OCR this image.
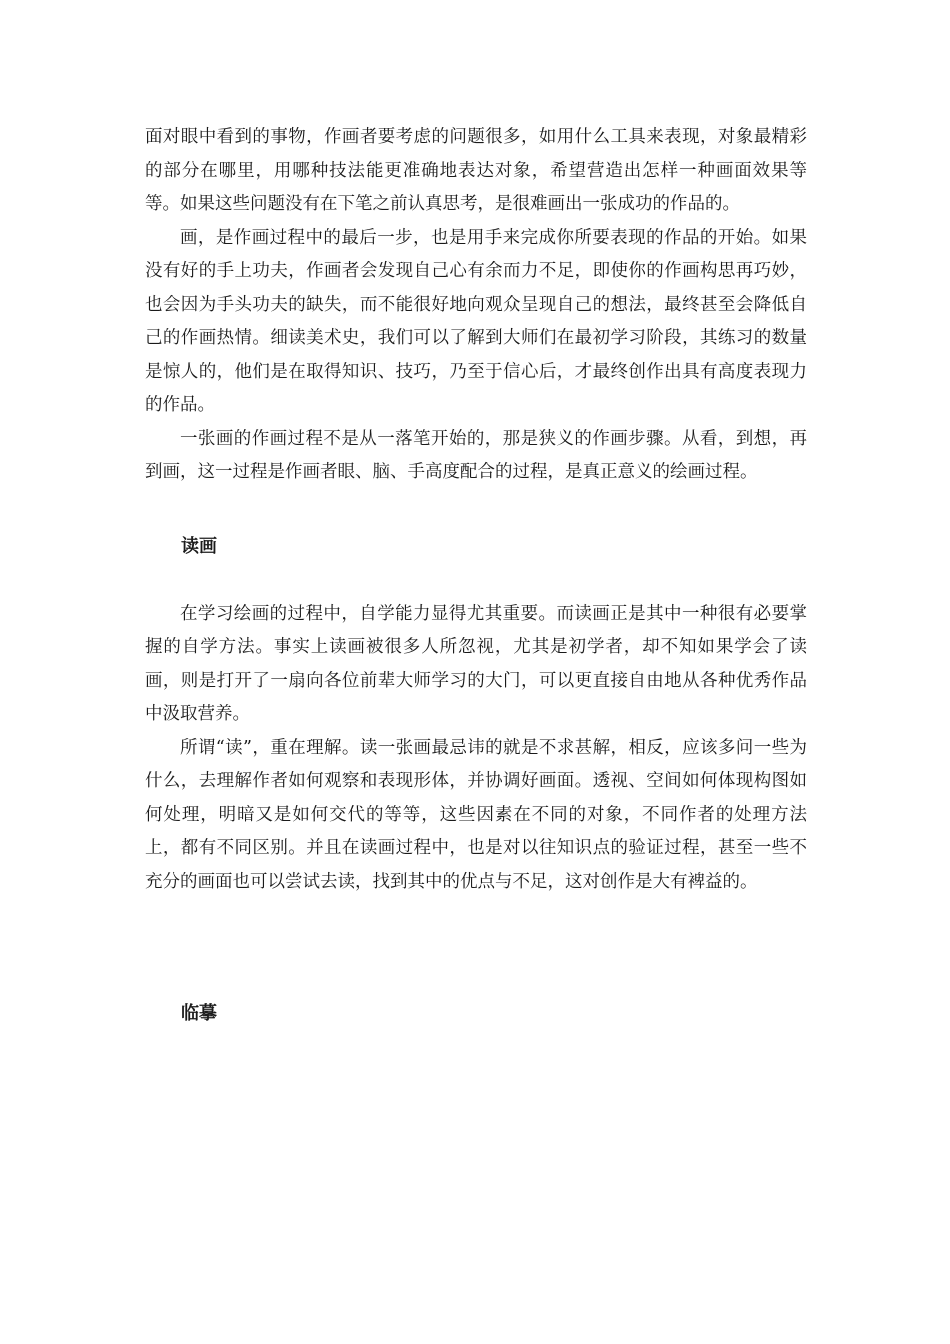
面对眼中看到的事物，作画者要考虑的问题很多，如用什么工具来表现，对象最精彩的部分在哪里，用哪种技法能更准确地表达对象，希望营造出怎样一种画面效果等等。如果这些问题没有在下笔之前认真思考，是很难画出一张成功的作品的。

画，是作画过程中的最后一步，也是用手来完成你所要表现的作品的开始。如果没有好的手上功夫，作画者会发现自己心有余而力不足，即使你的作画构思再巧妙，也会因为手头功夫的缺失，而不能很好地向观众呈现自己的想法，最终甚至会降低自己的作画热情。细读美术史，我们可以了解到大师们在最初学习阶段，其练习的数量是惊人的，他们是在取得知识、技巧，乃至于信心后，才最终创作出具有高度表现力的作品。

一张画的作画过程不是从一落笔开始的，那是狭义的作画步骤。从看，到想，再到画，这一过程是作画者眼、脑、手高度配合的过程，是真正意义的绘画过程。

读画

在学习绘画的过程中，自学能力显得尤其重要。而读画正是其中一种很有必要掌握的自学方法。事实上读画被很多人所忽视，尤其是初学者，却不知如果学会了读画，则是打开了一扇向各位前辈大师学习的大门，可以更直接自由地从各种优秀作品中汲取营养。

所谓“读”，重在理解。读一张画最忌讳的就是不求甚解，相反，应该多问一些为什么，去理解作者如何观察和表现形体，并协调好画面。透视、空间如何体现构图如何处理，明暗又是如何交代的等等，这些因素在不同的对象，不同作者的处理方法上，都有不同区别。并且在读画过程中，也是对以往知识点的验证过程，甚至一些不充分的画面也可以尝试去读，找到其中的优点与不足，这对创作是大有裨益的。

临摹
